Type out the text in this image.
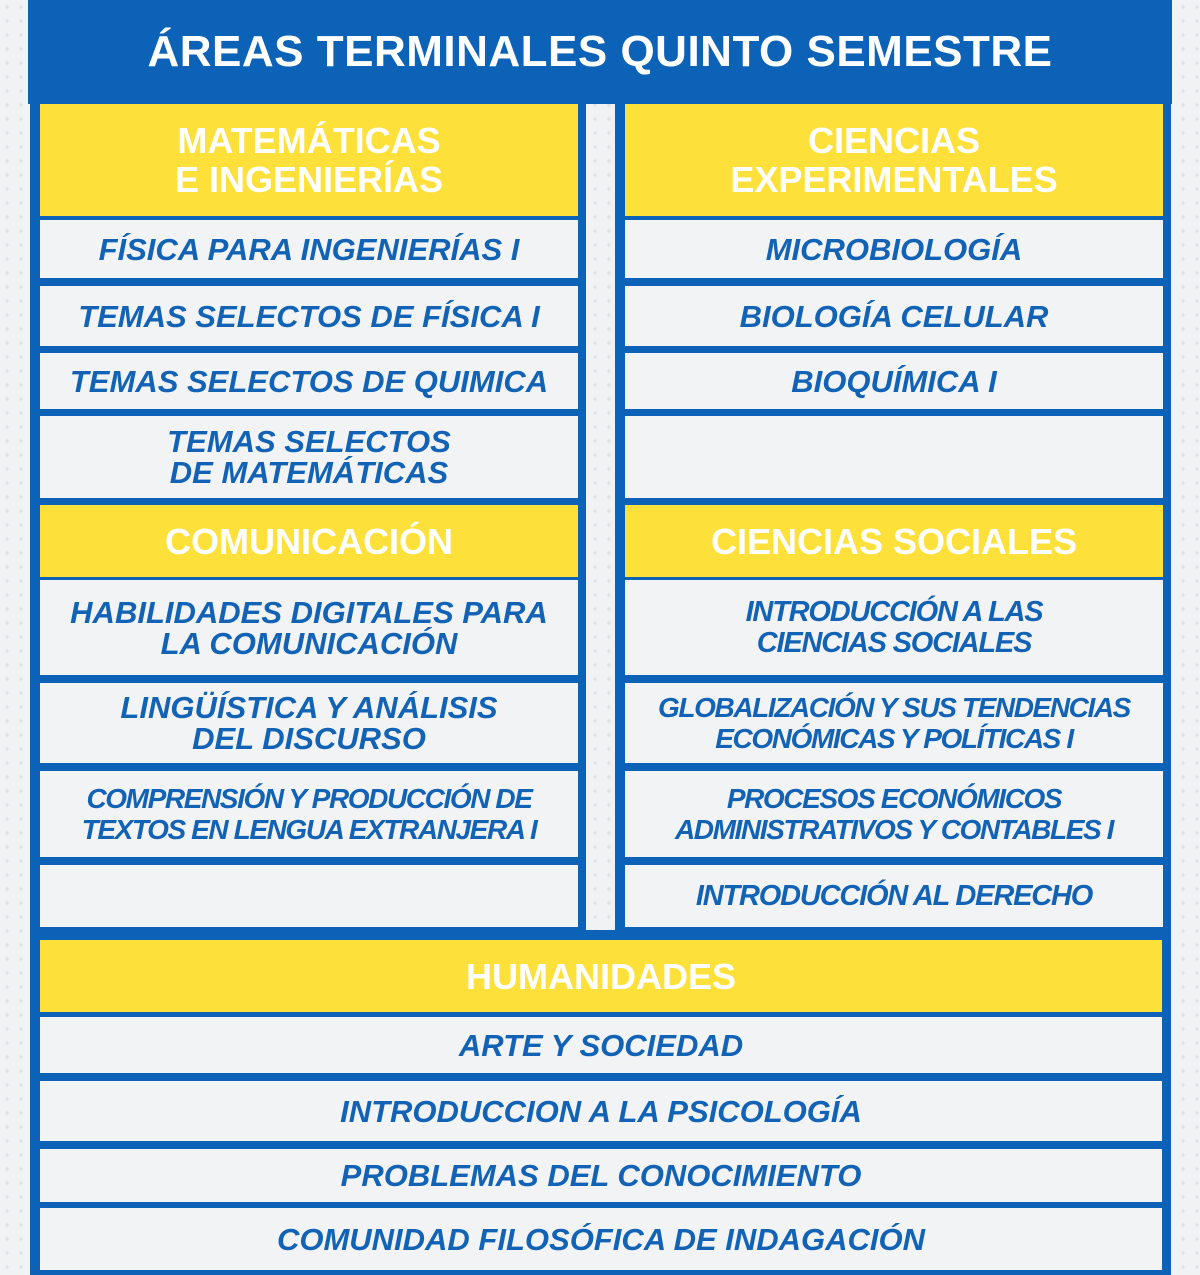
ÁREAS TERMINALES QUINTO SEMESTRE
MATEMÁTICAS
E INGENIERÍAS
FÍSICA PARA INGENIERÍAS I
TEMAS SELECTOS DE FÍSICA I
TEMAS SELECTOS DE QUIMICA
TEMAS SELECTOS
DE MATEMÁTICAS
CIENCIAS
EXPERIMENTALES
MICROBIOLOGÍA
BIOLOGÍA CELULAR
BIOQUÍMICA I
COMUNICACIÓN
HABILIDADES DIGITALES PARA
LA COMUNICACIÓN
LINGÜÍSTICA Y ANÁLISIS
DEL DISCURSO
COMPRENSIÓN Y PRODUCCIÓN DE
TEXTOS EN LENGUA EXTRANJERA I
CIENCIAS SOCIALES
INTRODUCCIÓN A LAS
CIENCIAS SOCIALES
GLOBALIZACIÓN Y SUS TENDENCIAS
ECONÓMICAS Y POLÍTICAS I
PROCESOS ECONÓMICOS
ADMINISTRATIVOS Y CONTABLES I
INTRODUCCIÓN AL DERECHO
HUMANIDADES
ARTE Y SOCIEDAD
INTRODUCCION A LA PSICOLOGÍA
PROBLEMAS DEL CONOCIMIENTO
COMUNIDAD FILOSÓFICA DE INDAGACIÓN
